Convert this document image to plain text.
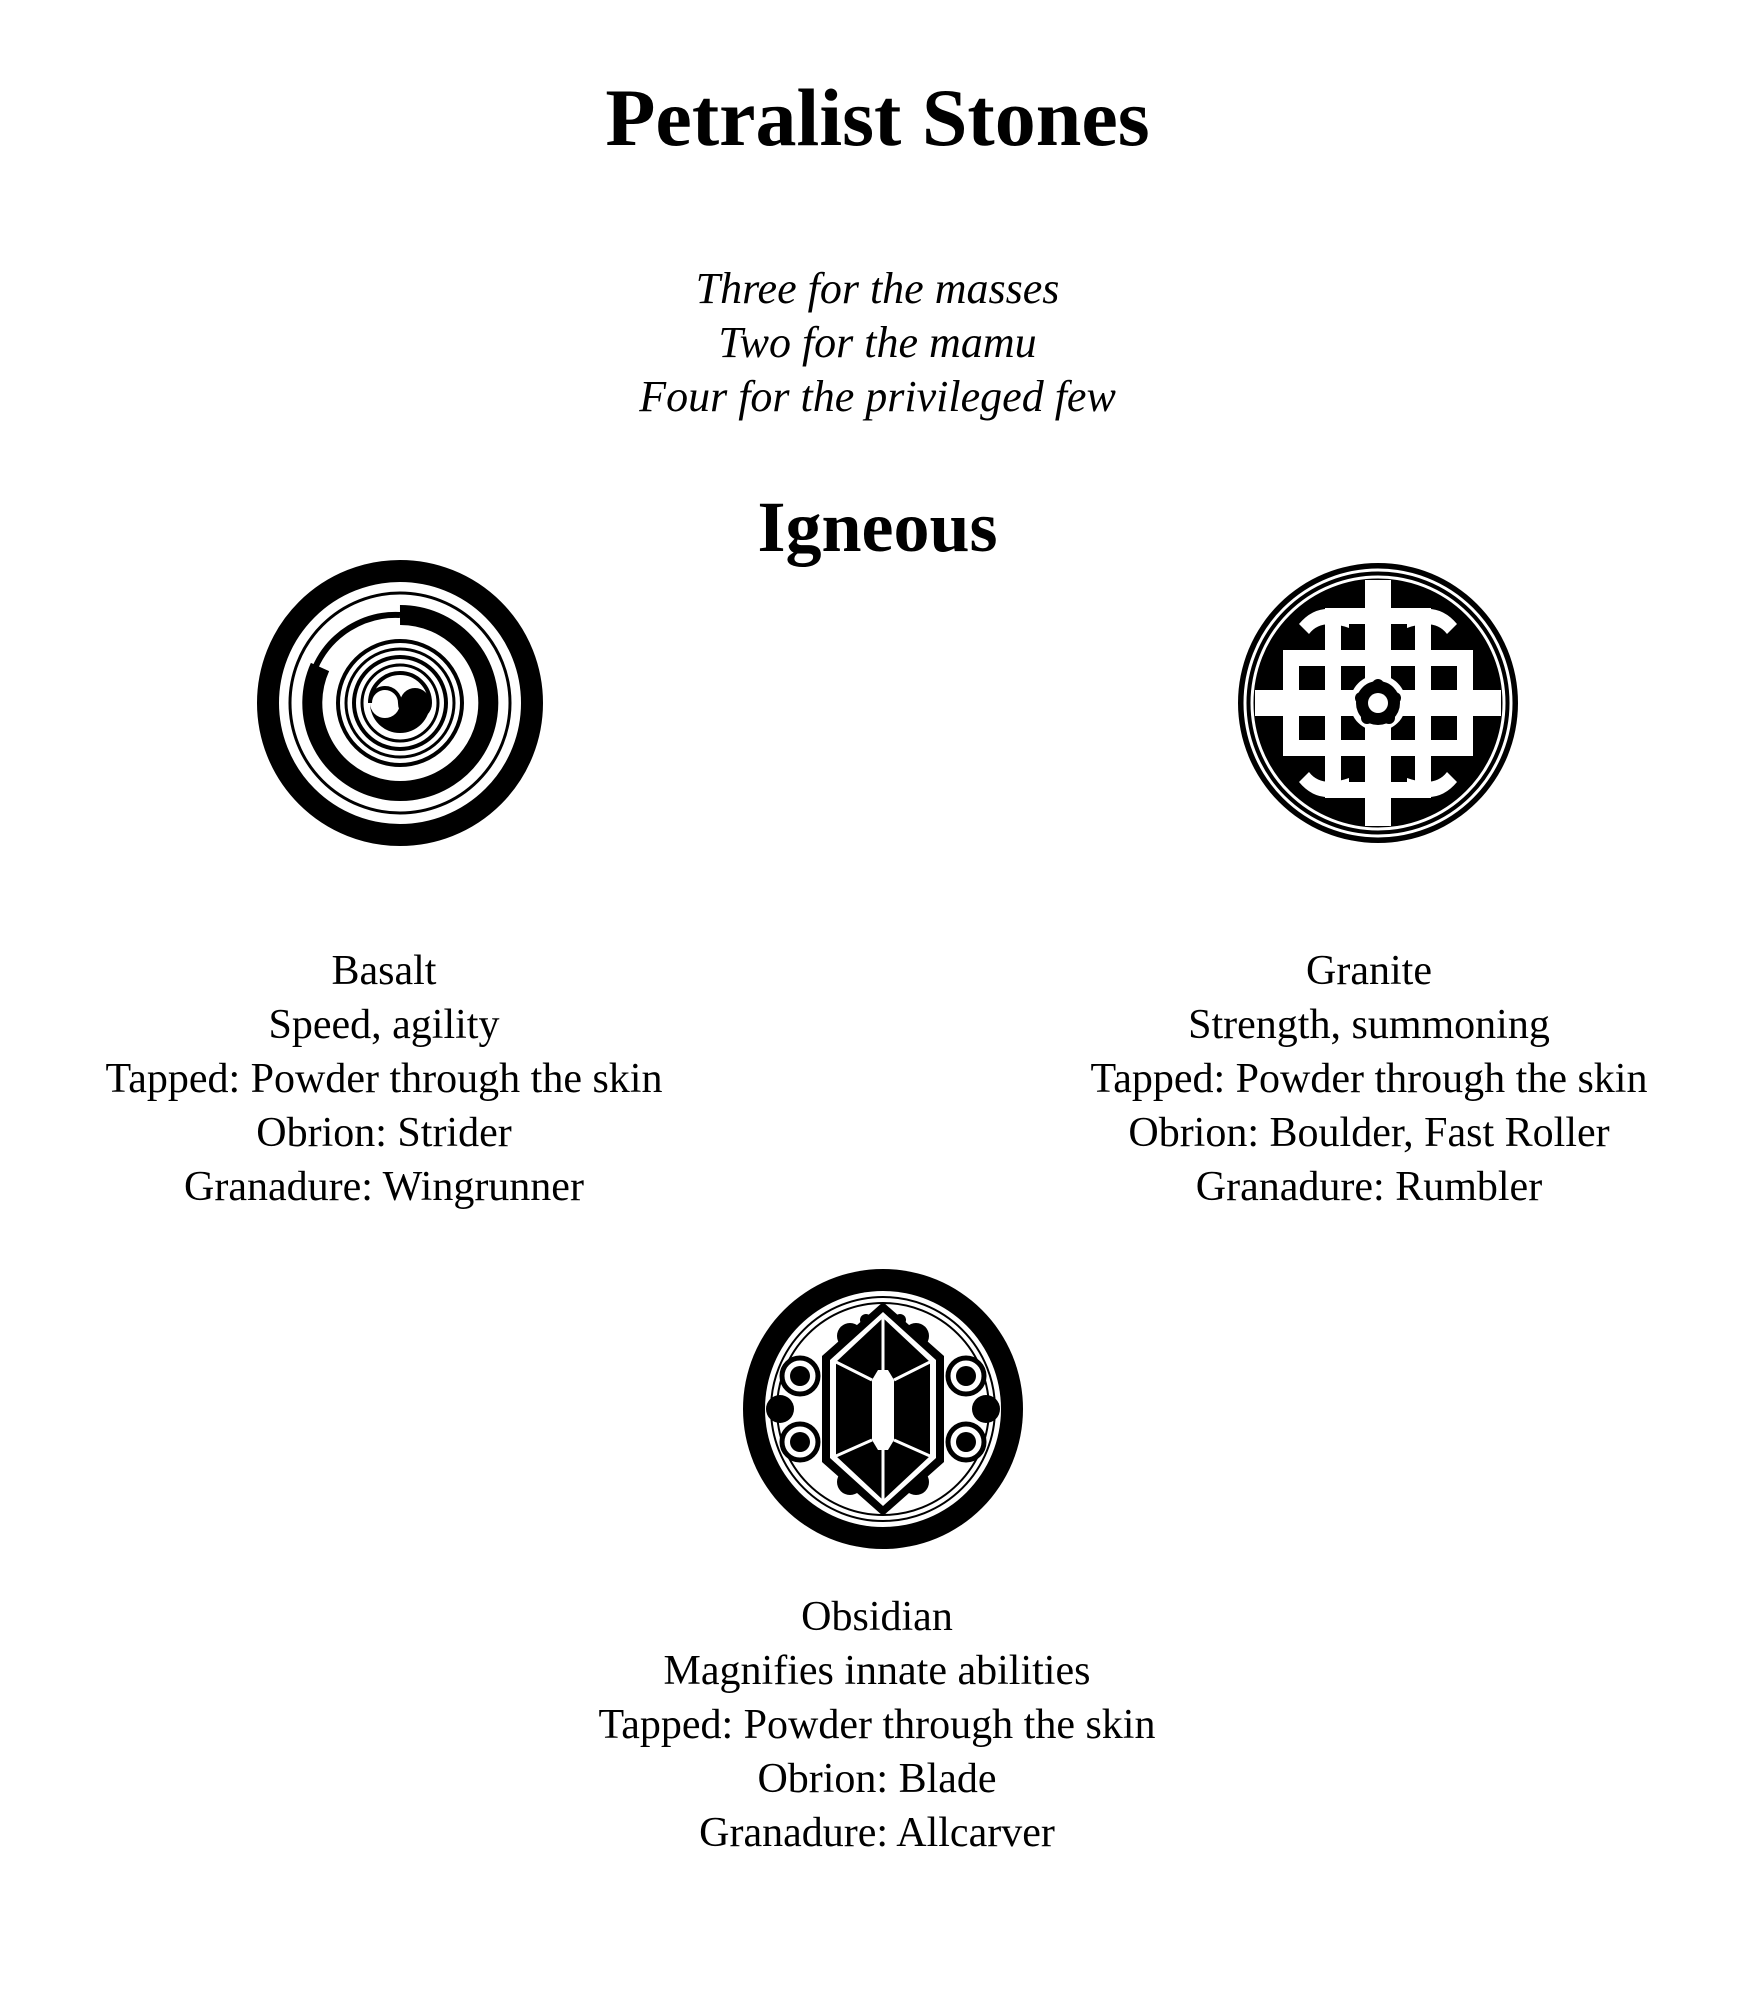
Petralist Stones
Three for the masses
Two for the mamu
Four for the privileged few
Igneous
Basalt
Speed, agility
Tapped: Powder through the skin
Obrion: Strider
Granadure: Wingrunner
Granite
Strength, summoning
Tapped: Powder through the skin
Obrion: Boulder, Fast Roller
Granadure: Rumbler
Obsidian
Magnifies innate abilities
Tapped: Powder through the skin
Obrion: Blade
Granadure: Allcarver
